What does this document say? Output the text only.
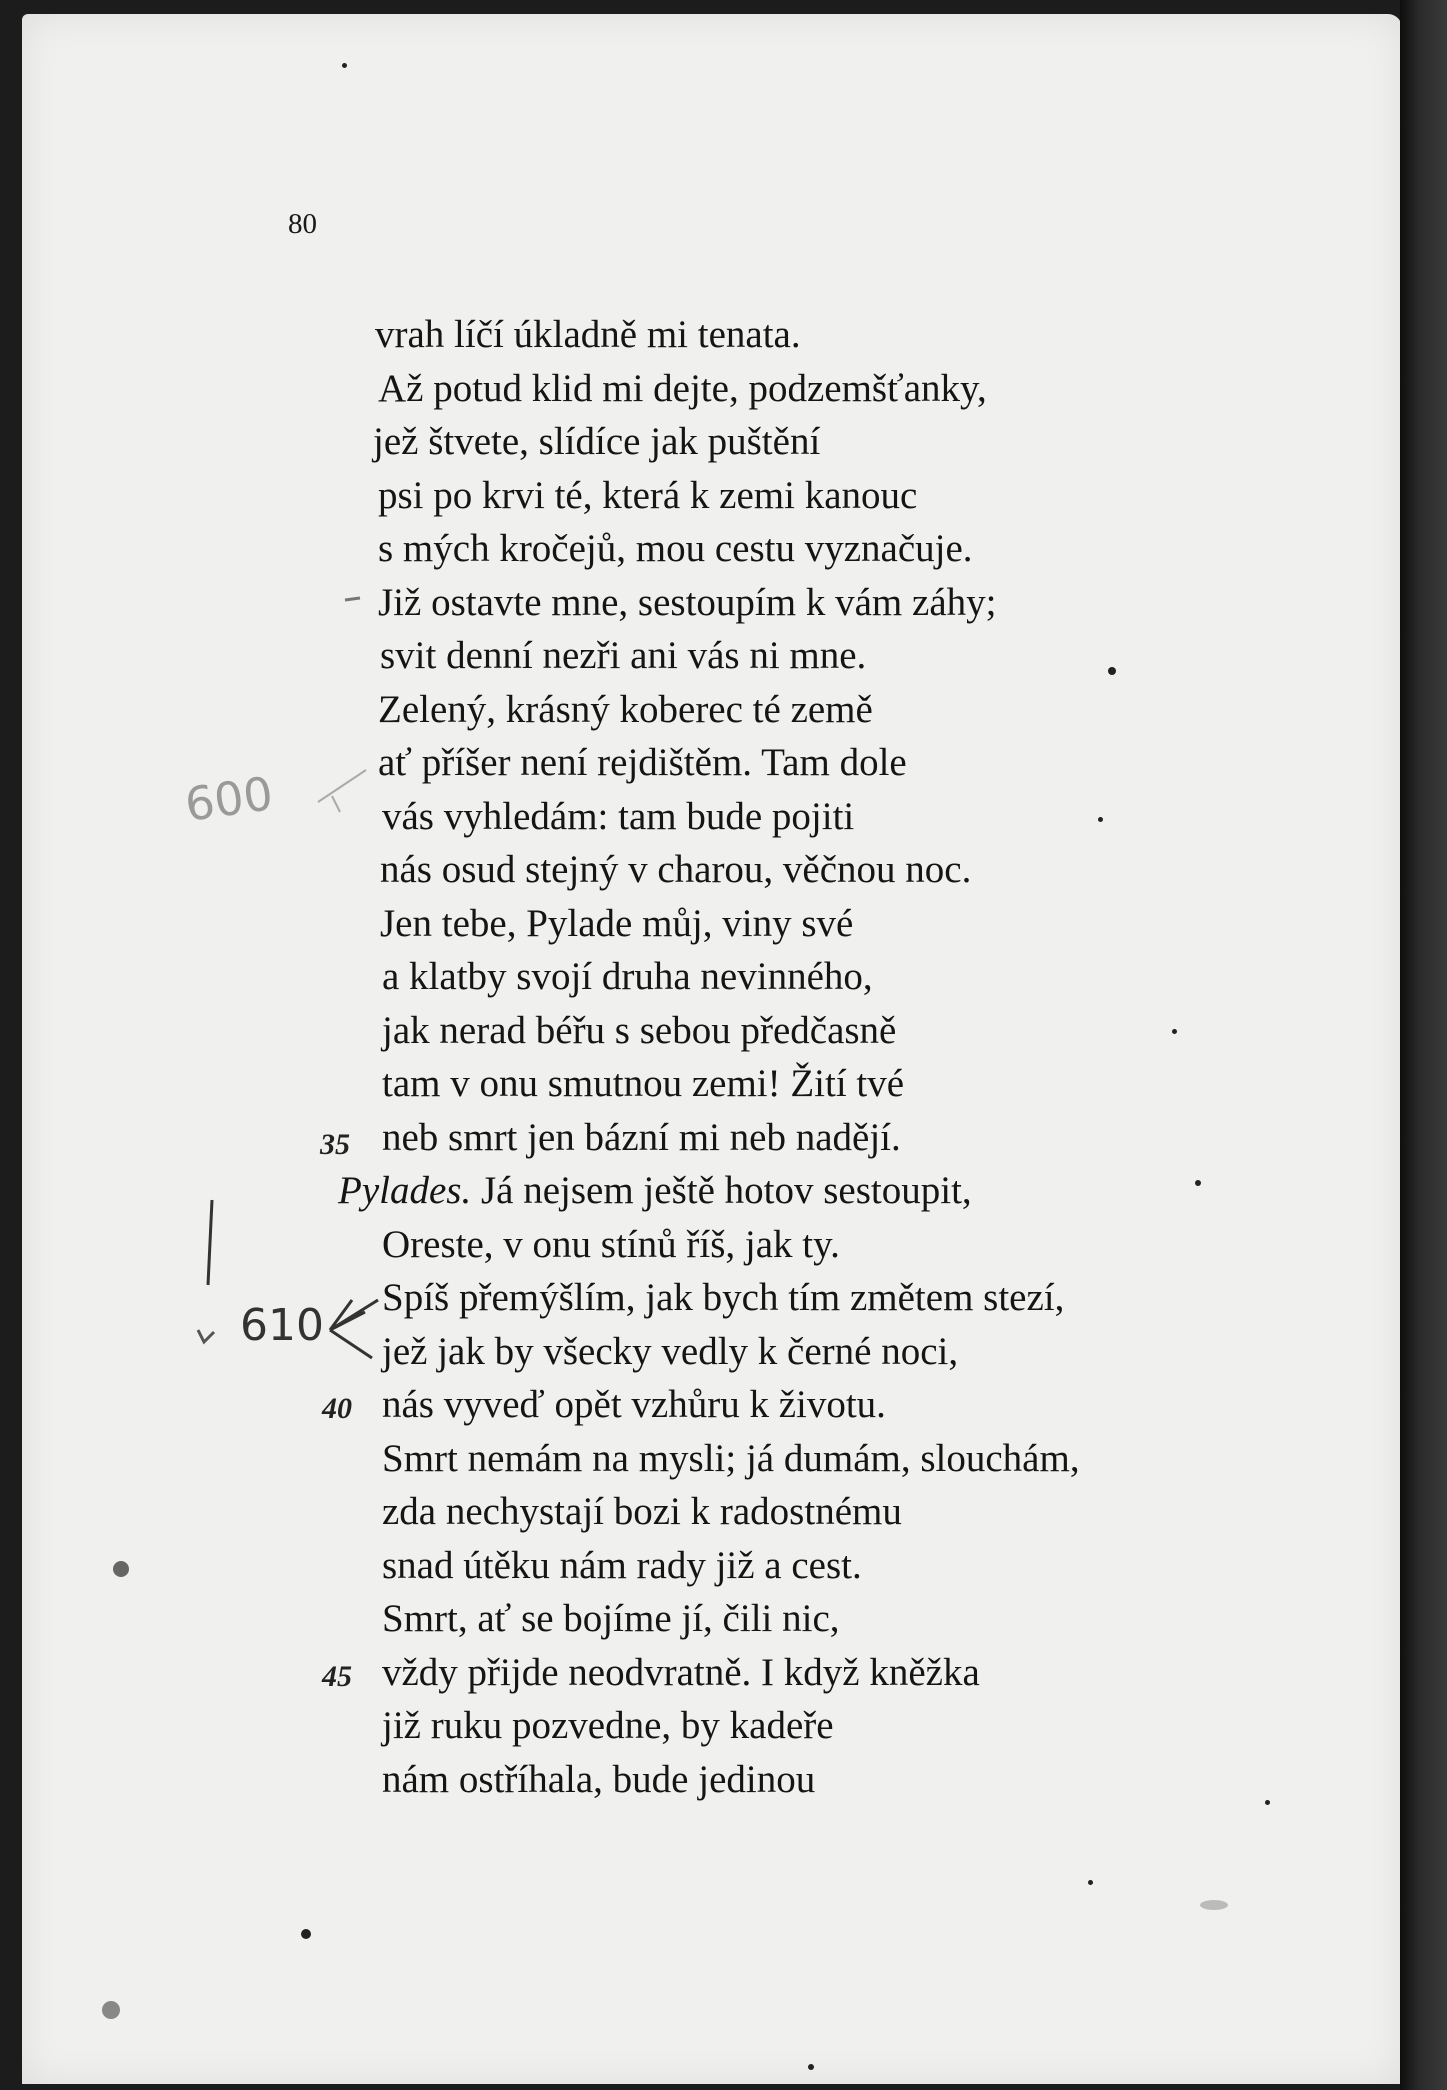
80
vrah líčí úkladně mi tenata.
Až potud klid mi dejte, podzemšťanky,
jež štvete, slídíce jak puštění
psi po krvi té, která k zemi kanouc
s mých kročejů, mou cestu vyznačuje.
Již ostavte mne, sestoupím k vám záhy;
svit denní nezři ani vás ni mne.
Zelený, krásný koberec té země
ať příšer není rejdištěm. Tam dole
vás vyhledám: tam bude pojiti
nás osud stejný v charou, věčnou noc.
Jen tebe, Pylade můj, viny své
a klatby svojí druha nevinného,
jak nerad béřu s sebou předčasně
tam v onu smutnou zemi! Žití tvé
neb smrt jen bázní mi neb nadějí.
Pylades. Já nejsem ještě hotov sestoupit,
Oreste, v onu stínů říš, jak ty.
Spíš přemýšlím, jak bych tím změtem stezí,
jež jak by všecky vedly k černé noci,
nás vyveď opět vzhůru k životu.
Smrt nemám na mysli; já dumám, slouchám,
zda nechystají bozi k radostnému
snad útěku nám rady již a cest.
Smrt, ať se bojíme jí, čili nic,
vždy přijde neodvratně. I když kněžka
již ruku pozvedne, by kadeře
nám ostříhala, bude jedinou
35
40
45
600
610
